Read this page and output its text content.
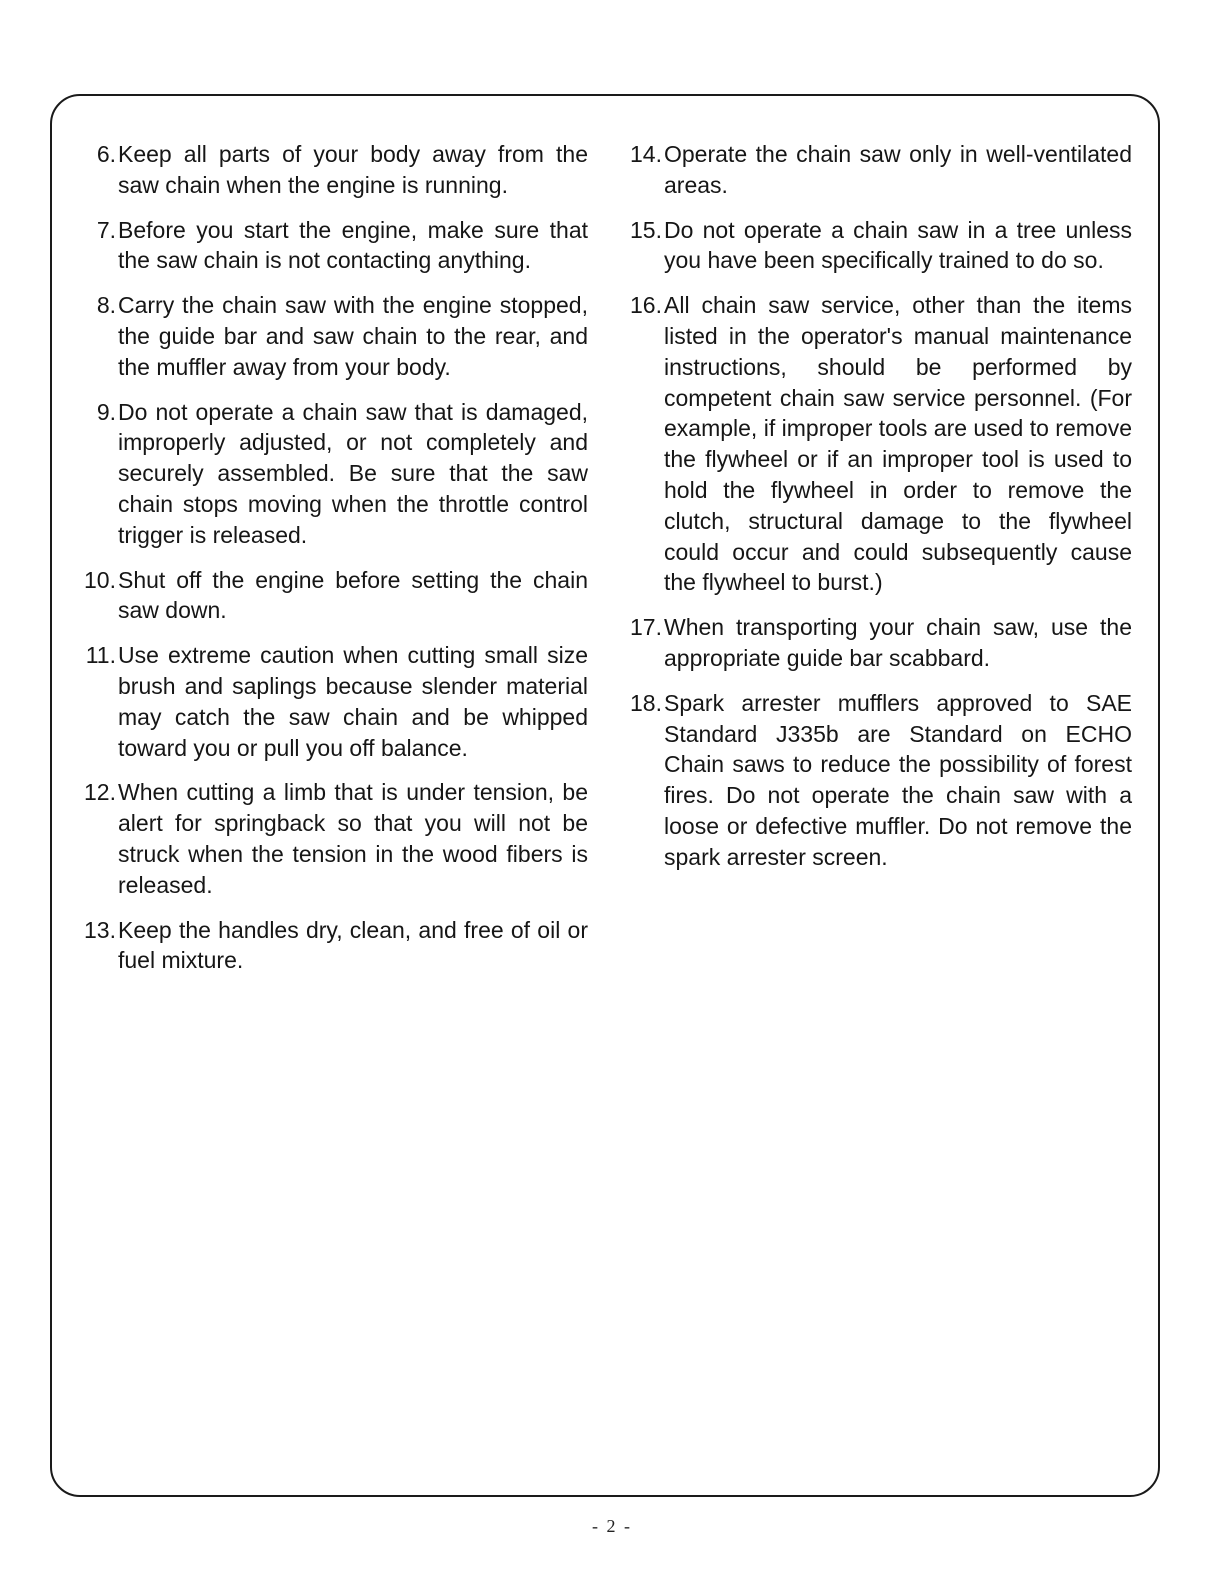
6. Keep all parts of your body away from the saw chain when the engine is running.
7. Before you start the engine, make sure that the saw chain is not contacting anything.
8. Carry the chain saw with the engine stopped, the guide bar and saw chain to the rear, and the muffler away from your body.
9. Do not operate a chain saw that is damaged, improperly adjusted, or not completely and securely assembled. Be sure that the saw chain stops moving when the throttle control trigger is released.
10. Shut off the engine before setting the chain saw down.
11. Use extreme caution when cutting small size brush and saplings because slender material may catch the saw chain and be whipped toward you or pull you off balance.
12. When cutting a limb that is under tension, be alert for springback so that you will not be struck when the tension in the wood fibers is released.
13. Keep the handles dry, clean, and free of oil or fuel mixture.
14. Operate the chain saw only in well-ventilated areas.
15. Do not operate a chain saw in a tree unless you have been specifically trained to do so.
16. All chain saw service, other than the items listed in the operator's manual maintenance instructions, should be performed by competent chain saw service personnel. (For example, if improper tools are used to remove the flywheel or if an improper tool is used to hold the flywheel in order to remove the clutch, structural damage to the flywheel could occur and could subsequently cause the flywheel to burst.)
17. When transporting your chain saw, use the appropriate guide bar scabbard.
18. Spark arrester mufflers approved to SAE Standard J335b are Standard on ECHO Chain saws to reduce the possibility of forest fires. Do not operate the chain saw with a loose or defective muffler. Do not remove the spark arrester screen.
- 2 -
